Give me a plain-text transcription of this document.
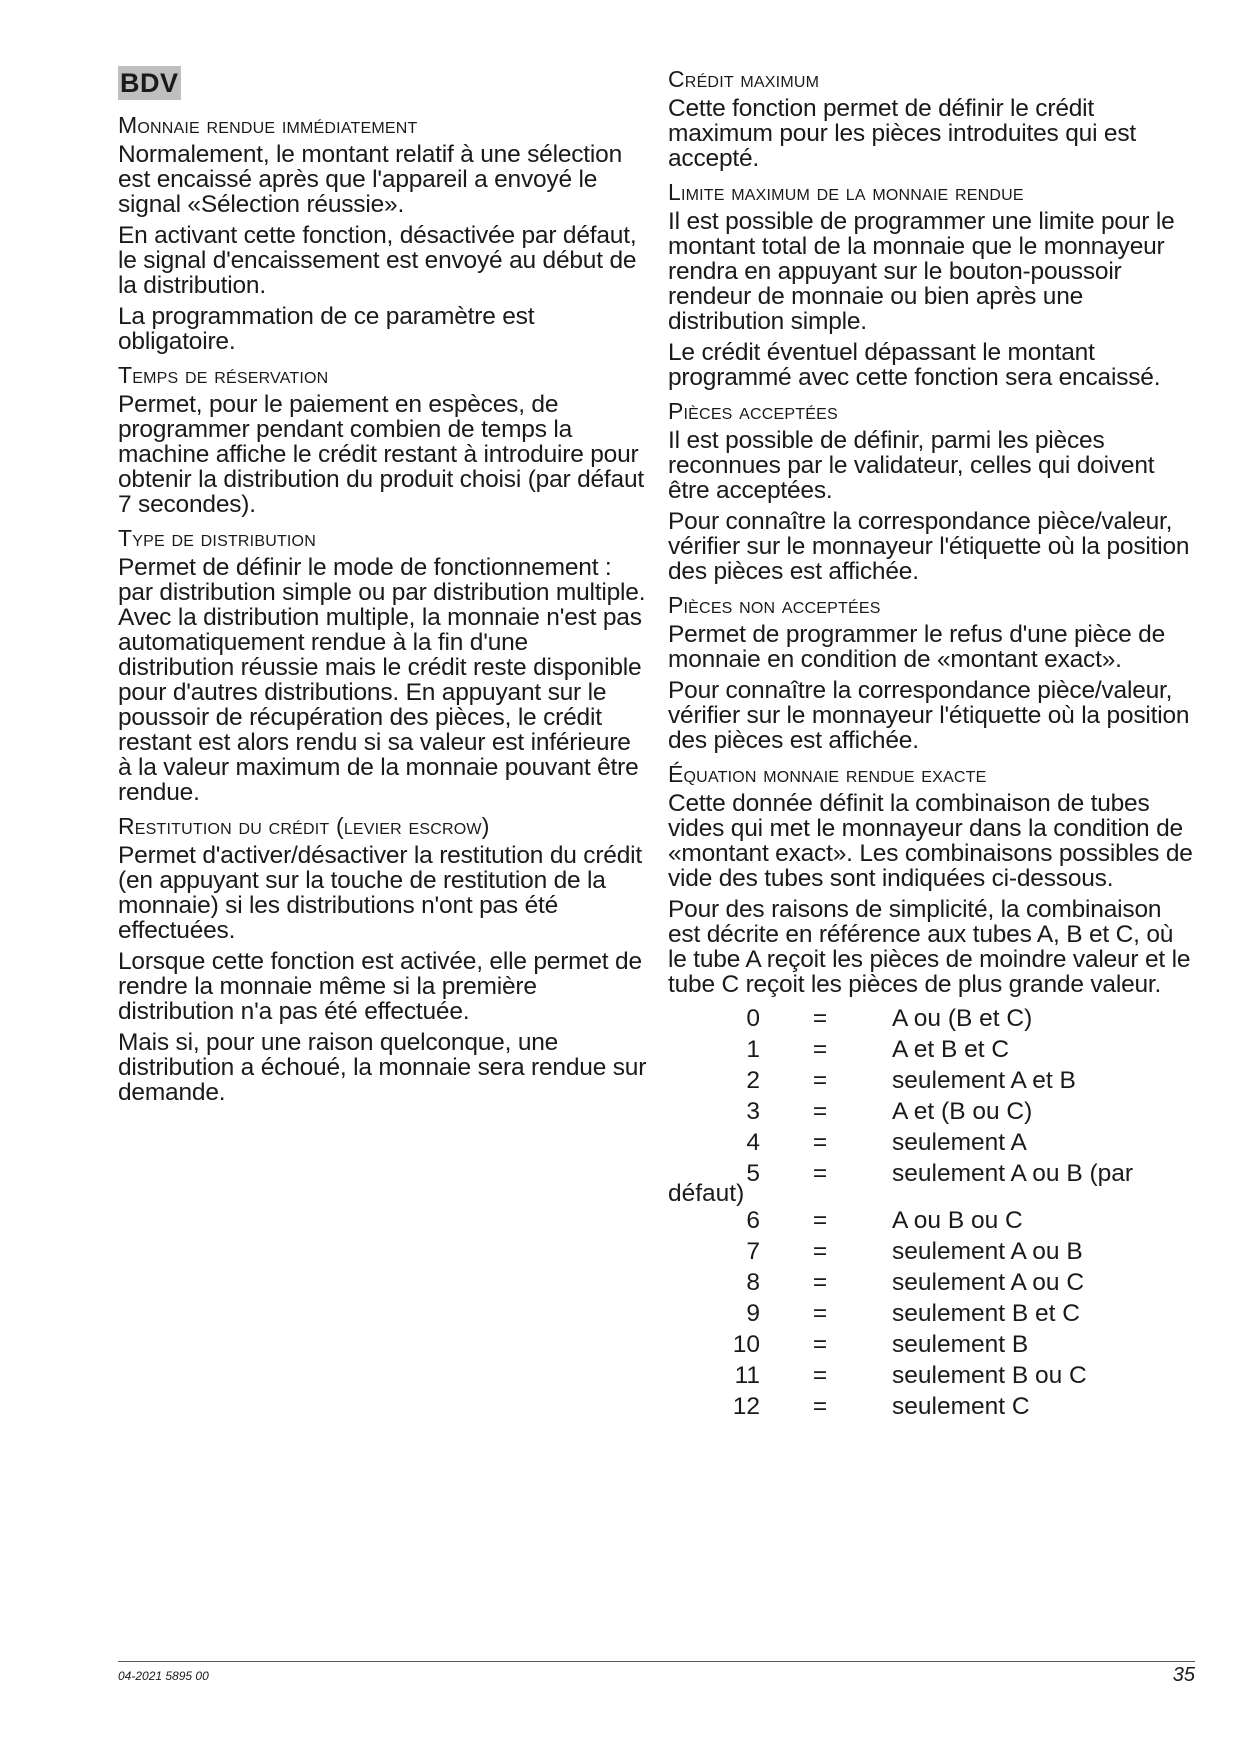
BDV
Monnaie rendue immédiatement

Normalement, le montant relatif à une sélection est encaissé après que l'appareil a envoyé le signal «Sélection réussie».

En activant cette fonction, désactivée par défaut, le signal d'encaissement est envoyé au début de la distribution.

La programmation de ce paramètre est obligatoire.

Temps de réservation

Permet, pour le paiement en espèces, de programmer pendant combien de temps la machine affiche le crédit restant à introduire pour obtenir la distribution du produit choisi (par défaut 7 secondes).

Type de distribution

Permet de définir le mode de fonctionnement : par distribution simple ou par distribution multiple. Avec la distribution multiple, la monnaie n'est pas automatiquement rendue à la fin d'une distribution réussie mais le crédit reste disponible pour d'autres distributions. En appuyant sur le poussoir de récupération des pièces, le crédit restant est alors rendu si sa valeur est inférieure à la valeur maximum de la monnaie pouvant être rendue.

Restitution du crédit (levier escrow)

Permet d'activer/désactiver la restitution du crédit (en appuyant sur la touche de restitution de la monnaie) si les distributions n'ont pas été effectuées.

Lorsque cette fonction est activée, elle permet de rendre la monnaie même si la première distribution n'a pas été effectuée.

Mais si, pour une raison quelconque, une distribution a échoué, la monnaie sera rendue sur demande.

Crédit maximum

Cette fonction permet de définir le crédit maximum pour les pièces introduites qui est accepté.

Limite maximum de la monnaie rendue

Il est possible de programmer une limite pour le montant total de la monnaie que le monnayeur rendra en appuyant sur le bouton-poussoir rendeur de monnaie ou bien après une distribution simple.

Le crédit éventuel dépassant le montant programmé avec cette fonction sera encaissé.

Pièces acceptées

Il est possible de définir, parmi les pièces reconnues par le validateur, celles qui doivent être acceptées.

Pour connaître la correspondance pièce/valeur, vérifier sur le monnayeur l'étiquette où la position des pièces est affichée.

Pièces non acceptées

Permet de programmer le refus d'une pièce de monnaie en condition de «montant exact».

Pour connaître la correspondance pièce/valeur, vérifier sur le monnayeur l'étiquette où la position des pièces est affichée.

Équation monnaie rendue exacte

Cette donnée définit la combinaison de tubes vides qui met le monnayeur dans la condition de «montant exact». Les combinaisons possibles de vide des tubes sont indiquées ci-dessous.

Pour des raisons de simplicité, la combinaison est décrite en référence aux tubes A, B et C, où le tube A reçoit les pièces de moindre valeur et le tube C reçoit les pièces de plus grande valeur.

0	=	A ou (B et C)
1	=	A et B et C
2	=	seulement A et B
3	=	A et (B ou C)
4	=	seulement A
5	=	seulement A ou B (par
défaut)
6	=	A ou B ou C
7	=	seulement A ou B
8	=	seulement A ou C
9	=	seulement B et C
10	=	seulement B
11	=	seulement B ou C
12	=	seulement C
04-2021 5895 00	35
